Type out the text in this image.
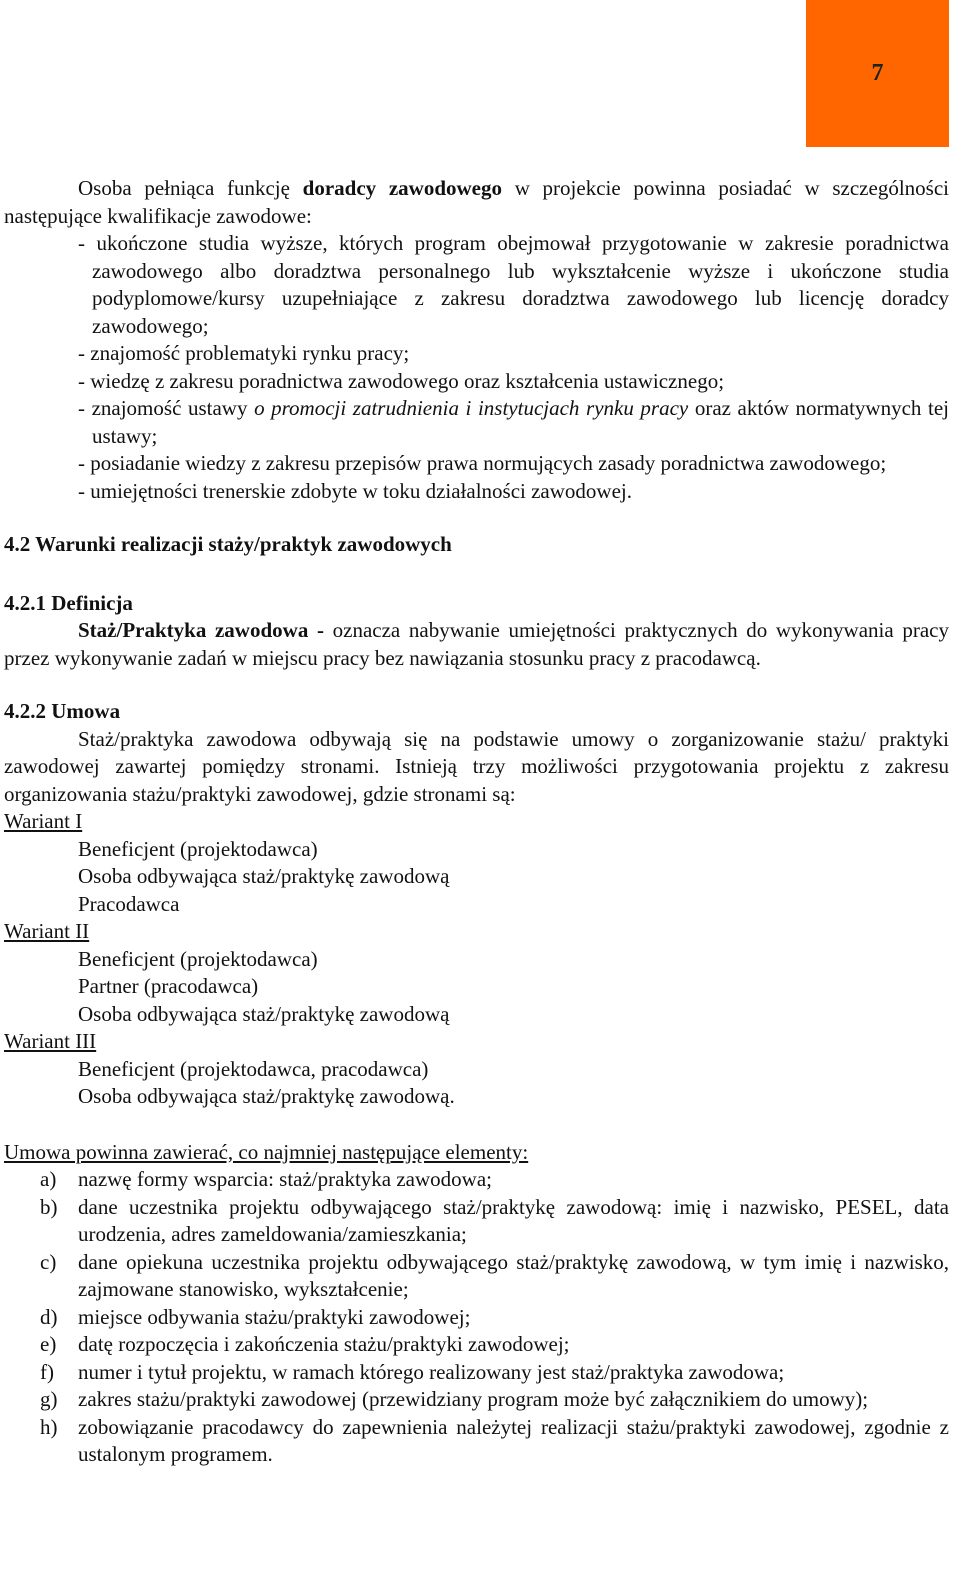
7

Osoba pełniąca funkcję doradcy zawodowego w projekcie powinna posiadać w szczególności następujące kwalifikacje zawodowe:

- ukończone studia wyższe, których program obejmował przygotowanie w zakresie poradnictwa zawodowego albo doradztwa personalnego lub wykształcenie wyższe i ukończone studia podyplomowe/kursy uzupełniające z zakresu doradztwa zawodowego lub licencję doradcy zawodowego;
- znajomość problematyki rynku pracy;
- wiedzę z zakresu poradnictwa zawodowego oraz kształcenia ustawicznego;
- znajomość ustawy o promocji zatrudnienia i instytucjach rynku pracy oraz aktów normatywnych tej ustawy;
- posiadanie wiedzy z zakresu przepisów prawa normujących zasady poradnictwa zawodowego;
- umiejętności trenerskie zdobyte w toku działalności zawodowej.
4.2 Warunki realizacji staży/praktyk zawodowych
4.2.1 Definicja

Staż/Praktyka zawodowa - oznacza nabywanie umiejętności praktycznych do wykonywania pracy przez wykonywanie zadań w miejscu pracy bez nawiązania stosunku pracy z pracodawcą.

4.2.2 Umowa

Staż/praktyka zawodowa odbywają się na podstawie umowy o zorganizowanie stażu/ praktyki zawodowej zawartej pomiędzy stronami. Istnieją trzy możliwości przygotowania projektu z zakresu organizowania stażu/praktyki zawodowej, gdzie stronami są:

Wariant I
Beneficjent (projektodawca)
Osoba odbywająca staż/praktykę zawodową
Pracodawca
Wariant II
Beneficjent (projektodawca)
Partner (pracodawca)
Osoba odbywająca staż/praktykę zawodową
Wariant III
Beneficjent (projektodawca, pracodawca)
Osoba odbywająca staż/praktykę zawodową.
Umowa powinna zawierać, co najmniej następujące elementy:
a) nazwę formy wsparcia: staż/praktyka zawodowa;
b) dane uczestnika projektu odbywającego staż/praktykę zawodową: imię i nazwisko, PESEL, data urodzenia, adres zameldowania/zamieszkania;
c) dane opiekuna uczestnika projektu odbywającego staż/praktykę zawodową, w tym imię i nazwisko, zajmowane stanowisko, wykształcenie;
d) miejsce odbywania stażu/praktyki zawodowej;
e) datę rozpoczęcia i zakończenia stażu/praktyki zawodowej;
f) numer i tytuł projektu, w ramach którego realizowany jest staż/praktyka zawodowa;
g) zakres stażu/praktyki zawodowej (przewidziany program może być załącznikiem do umowy);
h) zobowiązanie pracodawcy do zapewnienia należytej realizacji stażu/praktyki zawodowej, zgodnie z ustalonym programem.
